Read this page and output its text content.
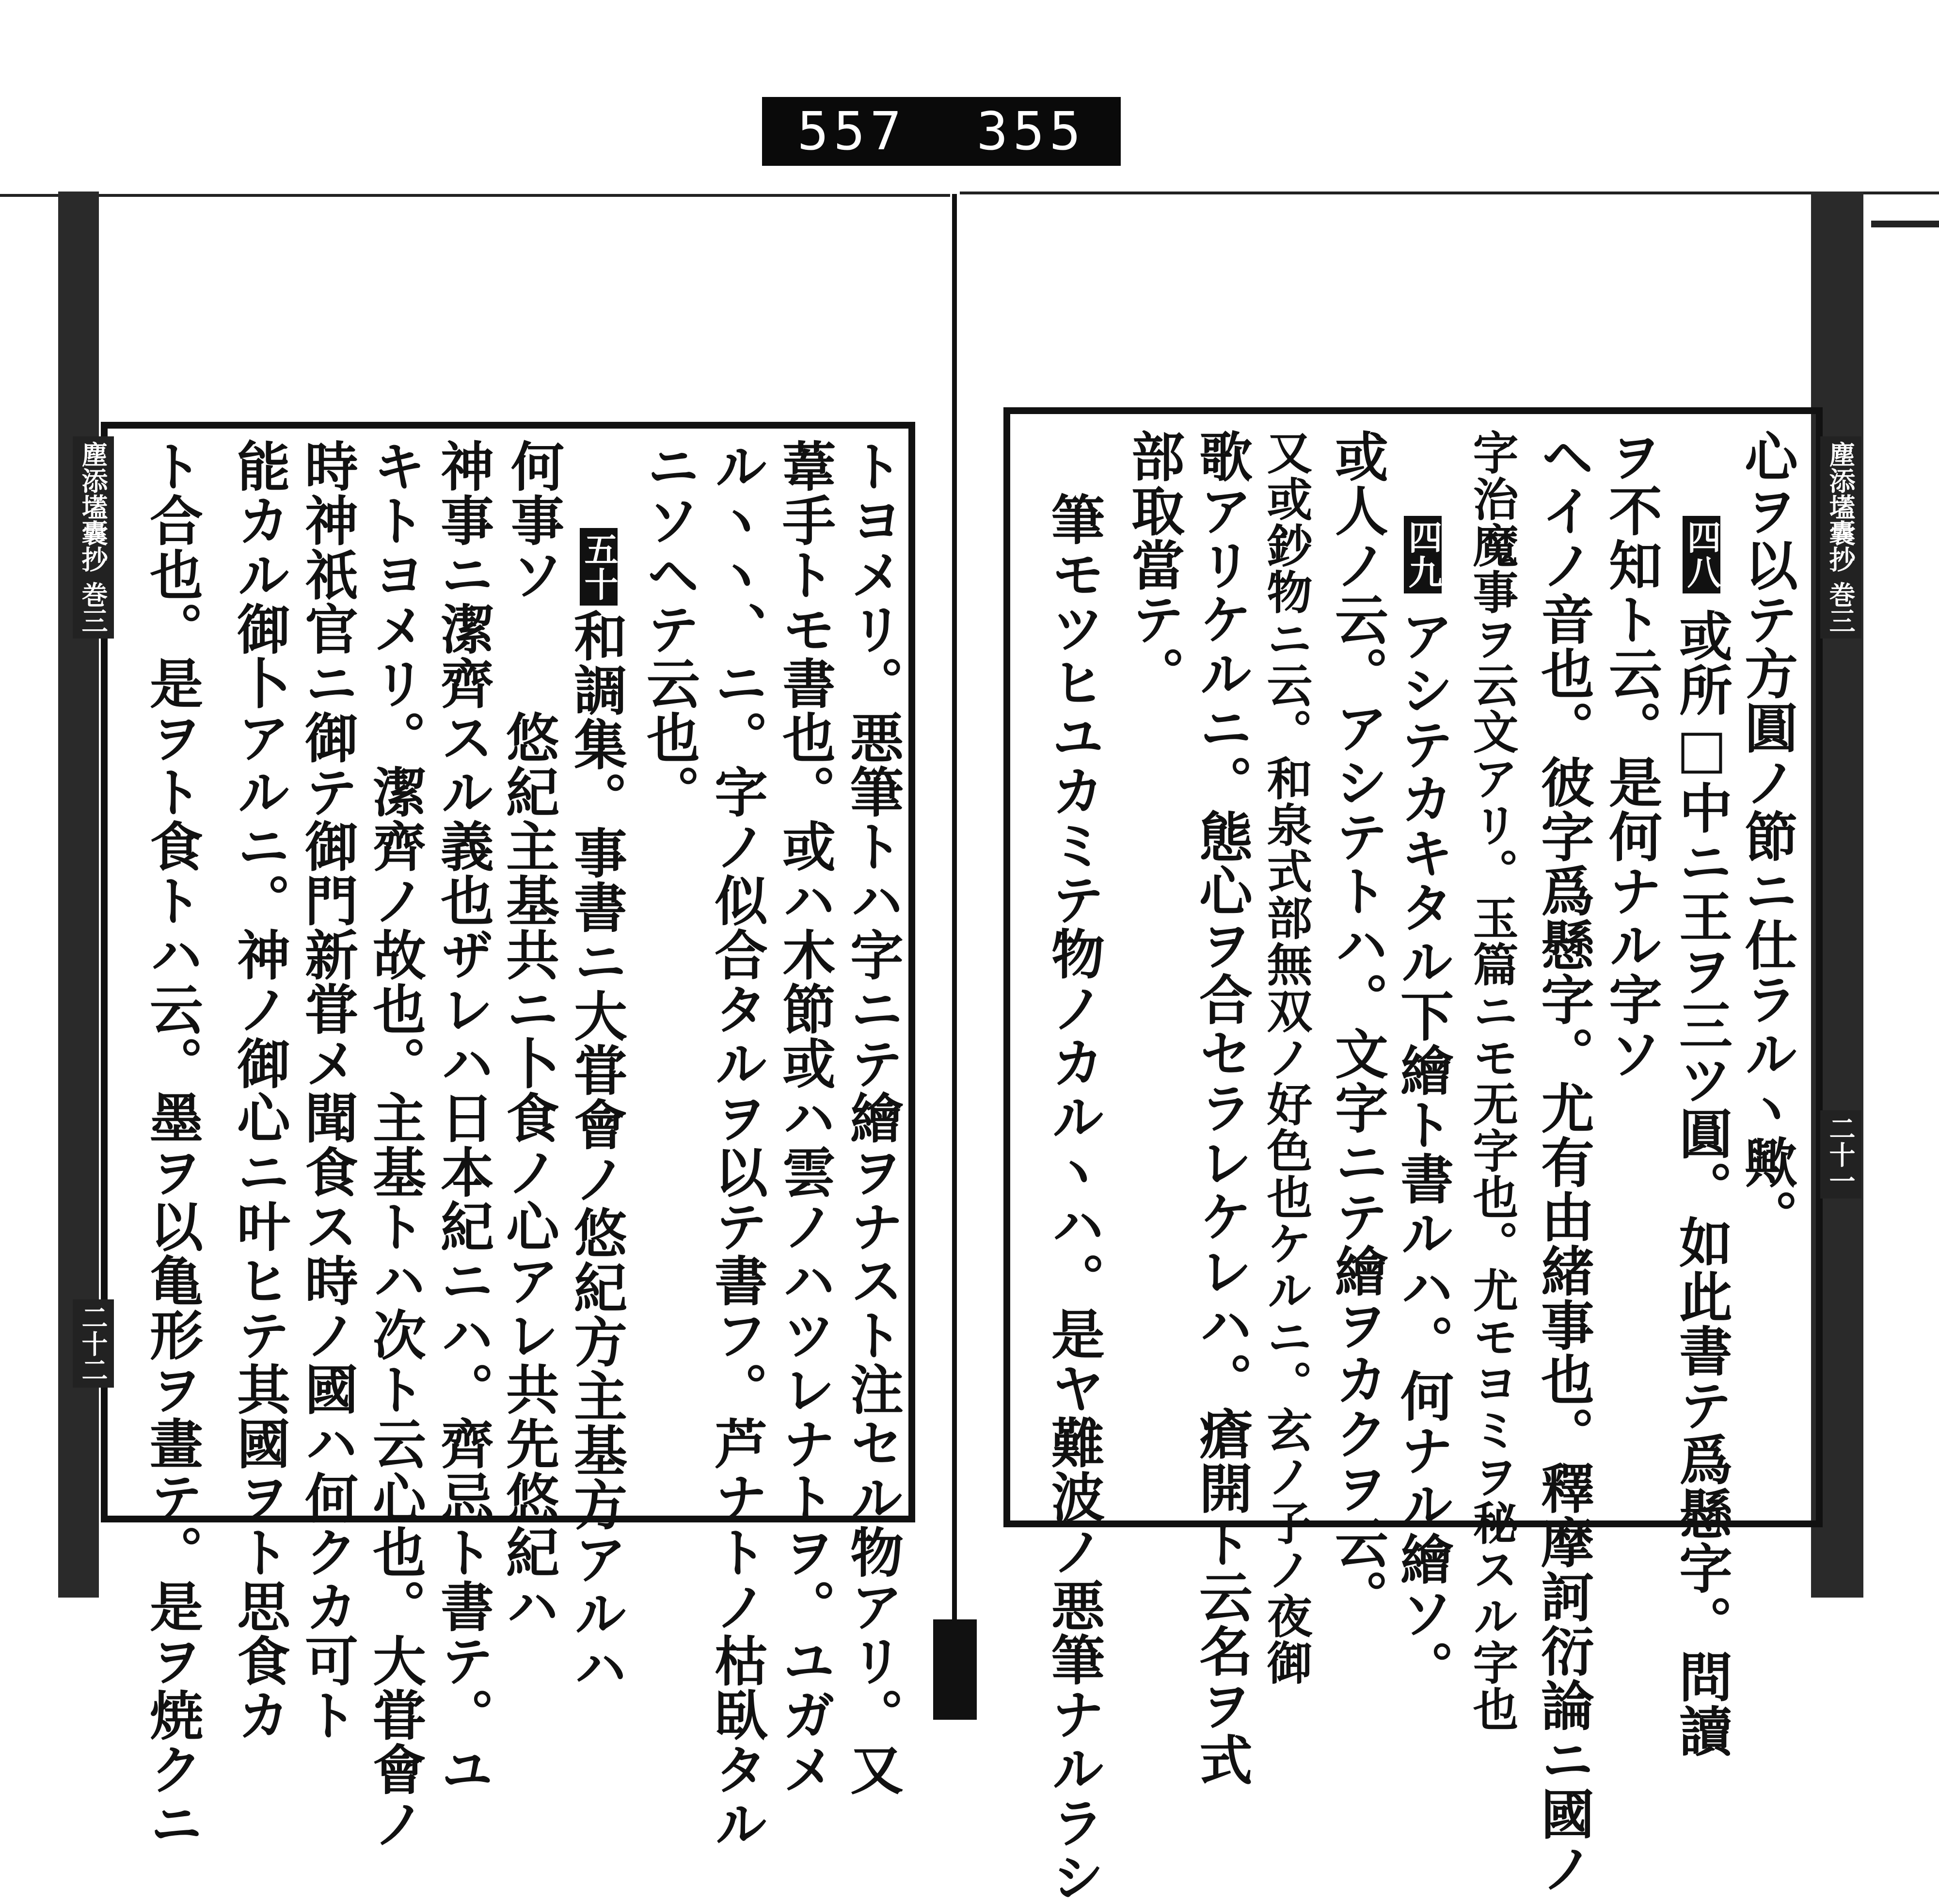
557 355
塵添壒囊抄 巻三
二十二	トヨメリ。悪筆トハ字ニテ繪ヲナスト注セル物アリ。又
葦手トモ書也。或ハ木節或ハ雲ノハツレナトヲ。ユガメ
ルヽヽ、ニ。字ノ似合タルヲ以テ書フ。芦ナトノ枯臥タル
ニソヘテ云也。
何事ソ 五十
和調集。事書ニ大甞會ノ悠紀方主基方アルハ
悠紀主基共ニ卜食ノ心アレ共先悠紀ハ
神事ニ潔齊スル義也ザレハ日本紀ニハ。齊忌ト書テ。ユ
キトヨメリ。潔齊ノ故也。主基トハ次ト云心也。大甞會ノ
時神祇官ニ御テ御門新甞メ聞食ス時ノ國ハ何クカ可ト
能カル御卜アルニ。神ノ御心ニ叶ヒテ其國ヲト思食カ
ト合也。是ヲト食トハ云。墨ヲ以亀形ヲ畫テ。是ヲ焼クニ	塵添壒囊抄 巻三
二十一
心ヲ以テ方圓ノ節ニ仕ラルヽ歟。
四八
或所□中ニ王ヲ三ツ圓。如此書テ爲懸字。問讀
ヲ不知ト云。是何ナル字ソ
ヘイノ音也。彼字爲懸字。尤有由緒事也。釋摩訶衍論ニ國ノ
字治魔事ヲ云文アリ。玉篇ニモ无字也。尤モヨミヲ秘スル字也
四九
アシテカキタル下繪ト書ルハ。何ナル繪ソ。
或人ノ云。アシテトハ。文字ニテ繪ヲカクヲ云。
又或鈔物ニ云。和泉式部無双ノ好色也ケルニ。玄ノ子ノ夜御
歌アリケルニ。態心ヲ合セラレケレハ。瘡開ト云名ヲ式
部取當テ。
筆モツヒユカミテ物ノカルヽハ。是ヤ難波ノ悪筆ナルラシ
